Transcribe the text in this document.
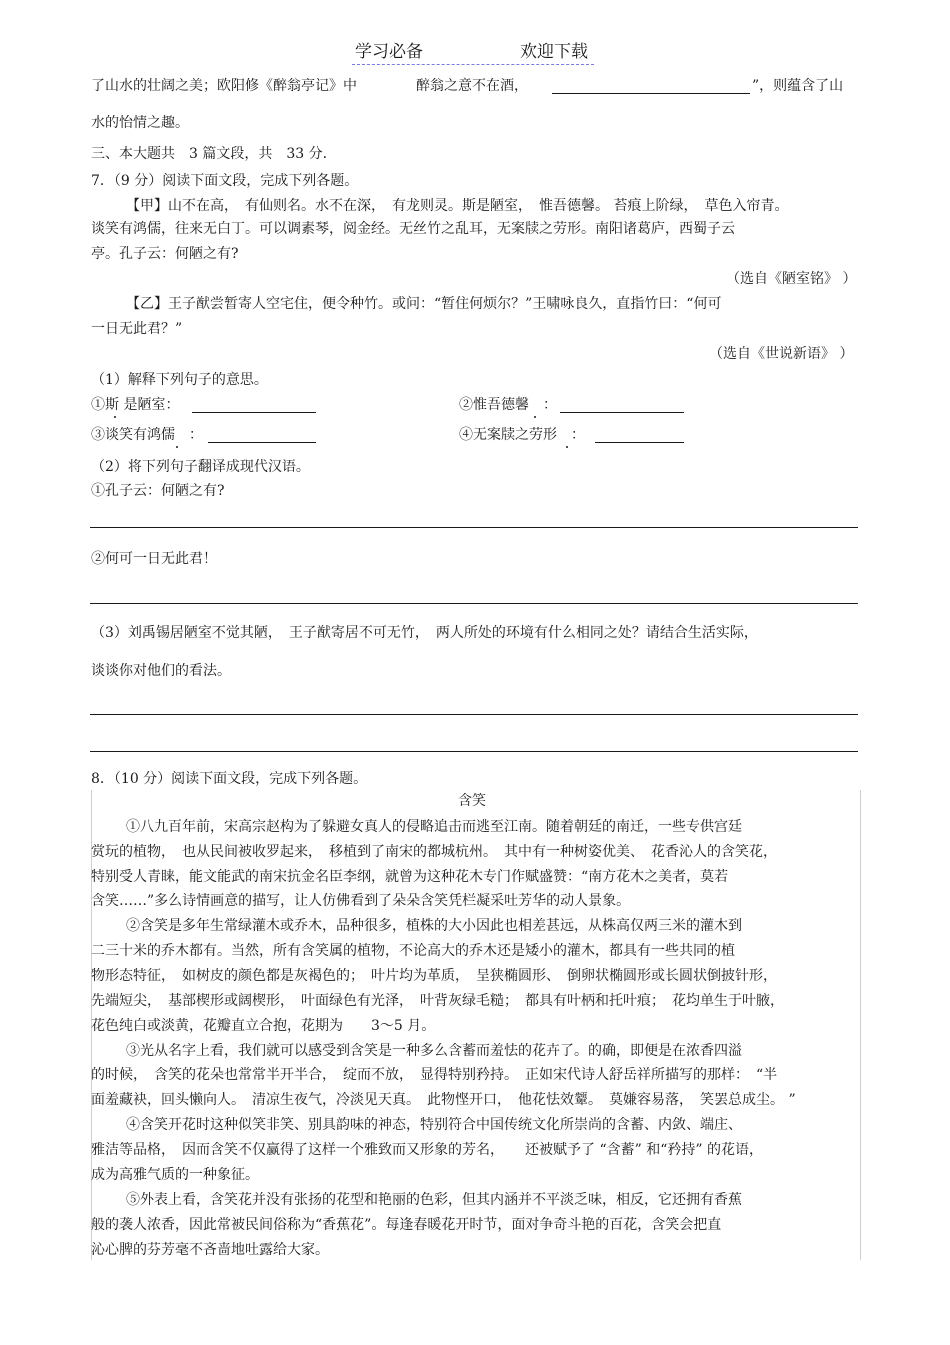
学习必备	欢迎下载
了山水的壮阔之美；欧阳修《醉翁亭记》中	醉翁之意不在酒，	”，则蕴含了山
水的怡情之趣。
三、本大题共　3 篇文段，共　33 分.
7．（9 分）阅读下面文段，完成下列各题。
【甲】山不在高，　有仙则名。水不在深，　有龙则灵。斯是陋室，　惟吾德馨。 苔痕上阶绿，　草色入帘青。
谈笑有鸿儒，往来无白丁。可以调素琴，阅金经。无丝竹之乱耳，无案牍之劳形。南阳诸葛庐，西蜀子云
亭。孔子云：何陋之有?
（选自《陋室铭》 ）
【乙】王子猷尝暂寄人空宅住，便令种竹。或问：“暂住何烦尔？”王啸咏良久，直指竹曰：“何可
一日无此君？”
（选自《世说新语》 ）
（1）解释下列句子的意思。
①斯 是陋室：	②惟吾德馨　：
③谈笑有鸿儒　：	④无案牍之劳形　：
（2）将下列句子翻译成现代汉语。
①孔子云：何陋之有?
②何可一日无此君！
（3）刘禹锡居陋室不觉其陋，　王子猷寄居不可无竹，　两人所处的环境有什么相同之处？请结合生活实际，
谈谈你对他们的看法。
8．（10 分）阅读下面文段，完成下列各题。
含笑
①八九百年前，宋高宗赵构为了躲避女真人的侵略追击而逃至江南。随着朝廷的南迁，一些专供宫廷
赏玩的植物，　也从民间被收罗起来，　移植到了南宋的都城杭州。　其中有一种树姿优美、　花香沁人的含笑花，
特别受人青睐，能文能武的南宋抗金名臣李纲，就曾为这种花木专门作赋盛赞：“南方花木之美者，莫若
含笑……”多么诗情画意的描写，让人仿佛看到了朵朵含笑凭栏凝采吐芳华的动人景象。
②含笑是多年生常绿灌木或乔木，品种很多，植株的大小因此也相差甚远，从株高仅两三米的灌木到
二三十米的乔木都有。当然，所有含笑属的植物，不论高大的乔木还是矮小的灌木，都具有一些共同的植
物形态特征，　如树皮的颜色都是灰褐色的；　叶片均为革质，　呈狭椭圆形、　倒卵状椭圆形或长圆状倒披针形，
先端短尖，　基部楔形或阔楔形，　叶面绿色有光泽，　叶背灰绿毛糙；　都具有叶柄和托叶痕；　花均单生于叶腋，
花色纯白或淡黄，花瓣直立合抱，花期为　　3～5 月。
③光从名字上看，我们就可以感受到含笑是一种多么含蓄而羞怯的花卉了。的确，即便是在浓香四溢
的时候，　含笑的花朵也常常半开半合，　绽而不放，　显得特别矜持。　正如宋代诗人舒岳祥所描写的那样：　“半
面羞藏袂，回头懒向人。　清凉生夜气，冷淡见天真。　此物悭开口，　他花怯效颦。　莫嫌容易落，　笑罢总成尘。 ”
④含笑开花时这种似笑非笑、别具韵味的神态，特别符合中国传统文化所崇尚的含蓄、内敛、端庄、
雅洁等品格，　因而含笑不仅赢得了这样一个雅致而又形象的芳名，　　还被赋予了 “含蓄” 和“矜持” 的花语，
成为高雅气质的一种象征。
⑤外表上看，含笑花并没有张扬的花型和艳丽的色彩，但其内涵并不平淡乏味，相反，它还拥有香蕉
般的袭人浓香，因此常被民间俗称为“香蕉花”。每逢春暖花开时节，面对争奇斗艳的百花，含笑会把直
沁心脾的芬芳毫不吝啬地吐露给大家。
